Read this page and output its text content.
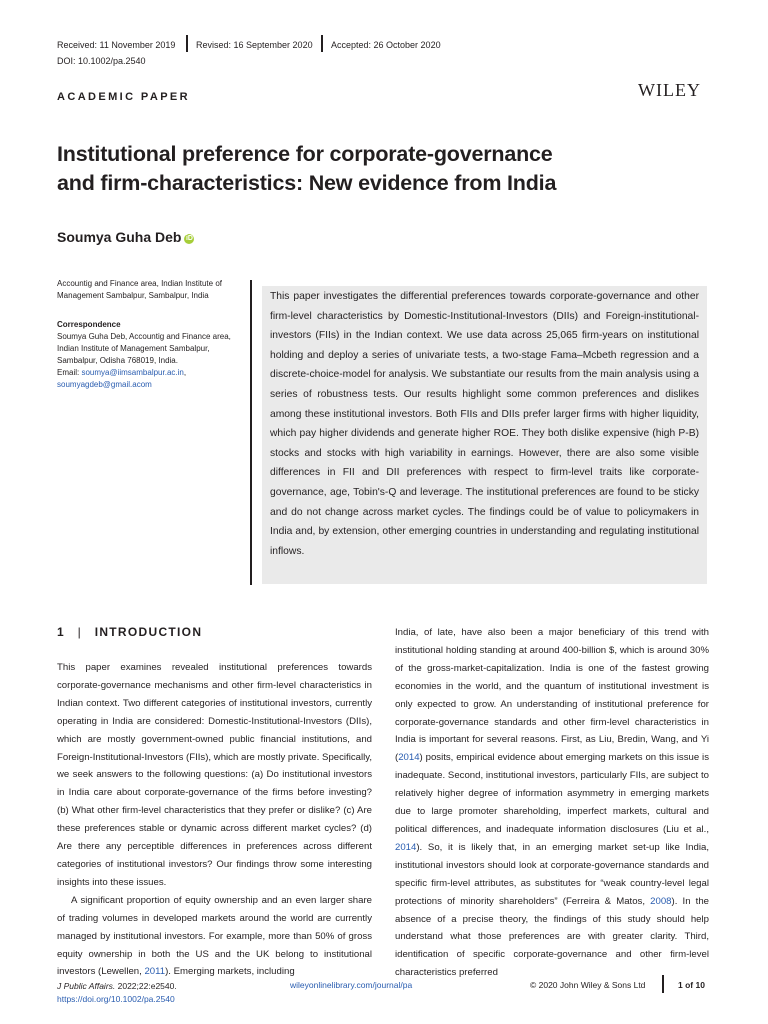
Received: 11 November 2019 Revised: 16 September 2020 Accepted: 26 October 2020
DOI: 10.1002/pa.2540
ACADEMIC PAPER	WILEY
Institutional preference for corporate-governance
and firm-characteristics: New evidence from India
Soumya Guha Deb iD
Accountig and Finance area, Indian Institute of Management Sambalpur, Sambalpur, India
Correspondence
Soumya Guha Deb, Accountig and Finance area, Indian Institute of Management Sambalpur, Sambalpur, Odisha 768019, India.
Email: soumya@iimsambalpur.ac.in,
soumyagdeb@gmail.acom

This paper investigates the differential preferences towards corporate-governance and other firm-level characteristics by Domestic-Institutional-Investors (DIIs) and Foreign-institutional-investors (FIIs) in the Indian context. We use data across 25,065 firm-years on institutional holding and deploy a series of univariate tests, a two-stage Fama–Mcbeth regression and a discrete-choice-model for analysis. We substantiate our results from the main analysis using a series of robustness tests. Our results highlight some common preferences and dislikes among these institutional investors. Both FIIs and DIIs prefer larger firms with higher liquidity, which pay higher dividends and generate higher ROE. They both dislike expensive (high P-B) stocks and stocks with high variability in earnings. However, there are also some visible differences in FII and DII preferences with respect to firm-level traits like corporate-governance, age, Tobin's-Q and leverage. The institutional preferences are found to be sticky and do not change across market cycles. The findings could be of value to policymakers in India and, by extension, other emerging countries in understanding and regulating institutional inflows.

1 | INTRODUCTION

This paper examines revealed institutional preferences towards corporate-governance mechanisms and other firm-level characteristics in Indian context. Two different categories of institutional investors, currently operating in India are considered: Domestic-Institutional-Investors (DIIs), which are mostly government-owned public financial institutions, and Foreign-Institutional-Investors (FIIs), which are mostly private. Specifically, we seek answers to the following questions: (a) Do institutional investors in India care about corporate-governance of the firms before investing? (b) What other firm-level characteristics that they prefer or dislike? (c) Are these preferences stable or dynamic across different market cycles? (d) Are there any perceptible differences in preferences across different categories of institutional investors? Our findings throw some interesting insights into these issues.

A significant proportion of equity ownership and an even larger share of trading volumes in developed markets around the world are currently managed by institutional investors. For example, more than 50% of gross equity ownership in both the US and the UK belong to institutional investors (Lewellen, 2011). Emerging markets, including

India, of late, have also been a major beneficiary of this trend with institutional holding standing at around 400-billion $, which is around 30% of the gross-market-capitalization. India is one of the fastest growing economies in the world, and the quantum of institutional investment is only expected to grow. An understanding of institutional preference for corporate-governance standards and other firm-level characteristics in India is important for several reasons. First, as Liu, Bredin, Wang, and Yi (2014) posits, empirical evidence about emerging markets on this issue is inadequate. Second, institutional investors, particularly FIIs, are subject to relatively higher degree of information asymmetry in emerging markets due to large promoter shareholding, imperfect markets, cultural and political differences, and inadequate information disclosures (Liu et al., 2014). So, it is likely that, in an emerging market set-up like India, institutional investors should look at corporate-governance standards and specific firm-level attributes, as substitutes for “weak country-level legal protections of minority shareholders” (Ferreira & Matos, 2008). In the absence of a precise theory, the findings of this study should help understand what those preferences are with greater clarity. Third, identification of specific corporate-governance and other firm-level characteristics preferred

J Public Affairs. 2022;22:e2540.
https://doi.org/10.1002/pa.2540
wileyonlinelibrary.com/journal/pa	© 2020 John Wiley & Sons Ltd	1 of 10
